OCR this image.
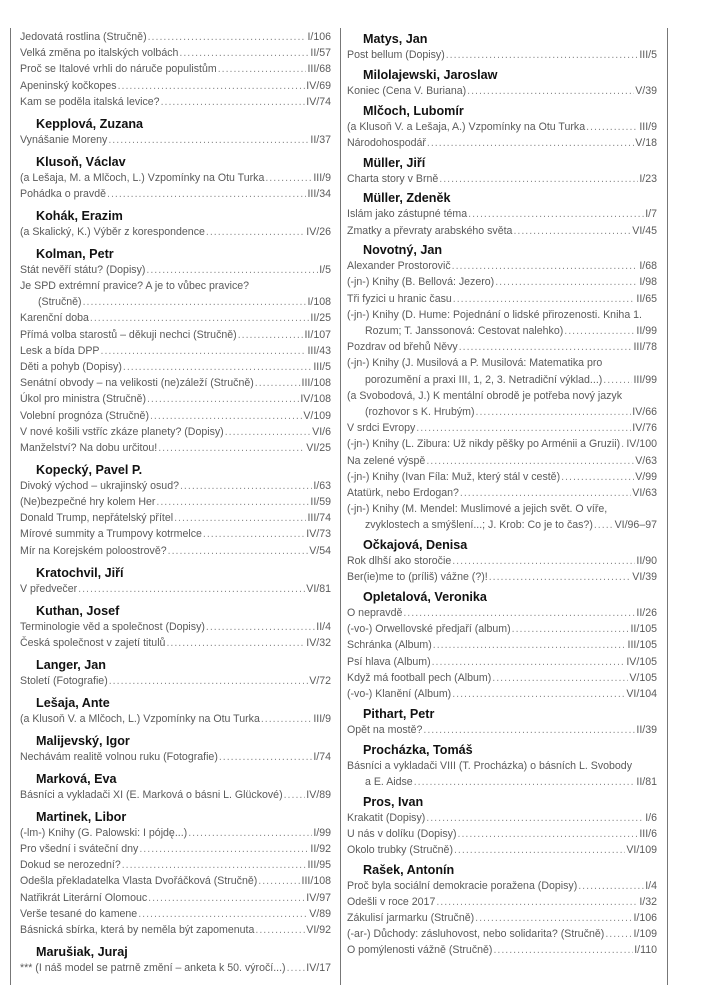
Jedovatá rostlina (Stručně) .....	I/106
Velká změna po italských volbách .....	II/57
Proč se Italové vrhli do náruče populistům .....	III/68
Apeninský kočkopes .....	IV/69
Kam se poděla italská levice? .....	IV/74
Kepplová, Zuzana
Vynášanie Moreny .....	II/37
Klusoň, Václav
(a Lešaja, M. a Mlčoch, L.) Vzpomínky na Otu Turka .....	III/9
Pohádka o pravdě .....	III/34
Kohák, Erazim
(a Skalický, K.) Výběr z korespondence .....	IV/26
Kolman, Petr
Stát nevěří státu? (Dopisy) .....	I/5
Je SPD extrémní pravice? A je to vůbec pravice?
(Stručně) .....	I/108
Karenční doba .....	II/25
Přímá volba starostů – děkuji nechci (Stručně) .....	II/107
Lesk a bída DPP .....	III/43
Děti a pohyb (Dopisy) .....	III/5
Senátní obvody – na velikosti (ne)záleží (Stručně) .....	III/108
Úkol pro ministra (Stručně) .....	IV/108
Volební prognóza (Stručně) .....	V/109
V nové košili vstříc zkáze planety? (Dopisy) .....	VI/6
Manželství? Na dobu určitou! .....	VI/25
Kopecký, Pavel P.
Divoký východ – ukrajinský osud? .....	I/63
(Ne)bezpečné hry kolem Her .....	II/59
Donald Trump, nepřátelský přítel .....	III/74
Mírové summity a Trumpovy kotrmelce .....	IV/73
Mír na Korejském poloostrově? .....	V/54
Kratochvil, Jiří
V předvečer .....	VI/81
Kuthan, Josef
Terminologie věd a společnost (Dopisy) .....	II/4
Česká společnost v zajetí titulů .....	IV/32
Langer, Jan
Století (Fotografie) .....	V/72
Lešaja, Ante
(a Klusoň V. a Mlčoch, L.) Vzpomínky na Otu Turka .....	III/9
Malijevský, Igor
Nechávám realitě volnou ruku (Fotografie) .....	I/74
Marková, Eva
Básníci a vykladači XI (E. Marková o básni L. Glückové) ..... IV/89
Martinek, Libor
(-lm-) Knihy (G. Palowski: I pójdę...) .....	I/99
Pro všední i sváteční dny .....	II/92
Dokud se nerozední? .....	III/95
Odešla překladatelka Vlasta Dvořáčková (Stručně) .....	III/108
Natřikrát Literární Olomouc .....	IV/97
Verše tesané do kamene .....	V/89
Básnická sbírka, která by neměla být zapomenuta .....	VI/92
Marušiak, Juraj
*** (I náš model se patrně změní – anketa k 50. výročí...) ..... IV/17
Matys, Jan
Post bellum (Dopisy) .....	III/5
Milolajewski, Jaroslaw
Koniec (Cena V. Buriana) .....	V/39
Mlčoch, Lubomír
(a Klusoň V. a Lešaja, A.) Vzpomínky na Otu Turka .....	III/9
Národohospodář .....	V/18
Müller, Jiří
Charta story v Brně .....	I/23
Müller, Zdeněk
Islám jako zástupné téma .....	I/7
Zmatky a převraty arabského světa .....	VI/45
Novotný, Jan
Alexander Prostorovič .....	I/68
(-jn-) Knihy (B. Bellová: Jezero) .....	I/98
Tři fyzici u hranic času .....	II/65
(-jn-) Knihy (D. Hume: Pojednání o lidské přirozenosti. Kniha 1.
Rozum; T. Janssonová: Cestovat nalehko) .....	II/99
Pozdrav od břehů Něvy .....	III/78
(-jn-) Knihy (J. Musilová a P. Musilová: Matematika pro
porozumění a praxi III, 1, 2, 3. Netradiční výklad...) .....	III/99
(a Svobodová, J.) K mentální obrodě je potřeba nový jazyk
(rozhovor s K. Hrubým) .....	IV/66
V srdci Evropy .....	IV/76
(-jn-) Knihy (L. Zibura: Už nikdy pěšky po Arménii a Gruzii) ..... IV/100
Na zelené výspě .....	V/63
(-jn-) Knihy (Ivan Fíla: Muž, který stál v cestě) .....	V/99
Atatürk, nebo Erdogan? .....	VI/63
(-jn-) Knihy (M. Mendel: Muslimové a jejich svět. O víře,
zvyklostech a smýšlení...; J. Krob: Co je to čas?) ..... VI/96–97
Očkajová, Denisa
Rok dlhší ako storočie .....	II/90
Ber(ie)me to (príliš) vážne (?)! .....	VI/39
Opletalová, Veronika
O nepravdě .....	II/26
(-vo-) Orwellovské předjaří (album) .....	II/105
Schránka (Album) .....	III/105
Psí hlava (Album) .....	IV/105
Když má football pech (Album) .....	V/105
(-vo-) Klanění (Album) .....	VI/104
Pithart, Petr
Opět na mostě? .....	II/39
Procházka, Tomáš
Básníci a vykladači VIII (T. Procházka) o básních L. Svobody
a E. Aidse .....	II/81
Pros, Ivan
Krakatit (Dopisy) .....	I/6
U nás v dolíku (Dopisy) .....	III/6
Okolo trubky (Stručně) .....	VI/109
Rašek, Antonín
Proč byla sociální demokracie poražena (Dopisy) .....	I/4
Odešli v roce 2017 .....	I/32
Zákulisí jarmarku (Stručně) .....	I/106
(-ar-) Důchody: zásluhovost, nebo solidarita? (Stručně) .....	I/109
O pomýlenosti vážně (Stručně) .....	I/110
